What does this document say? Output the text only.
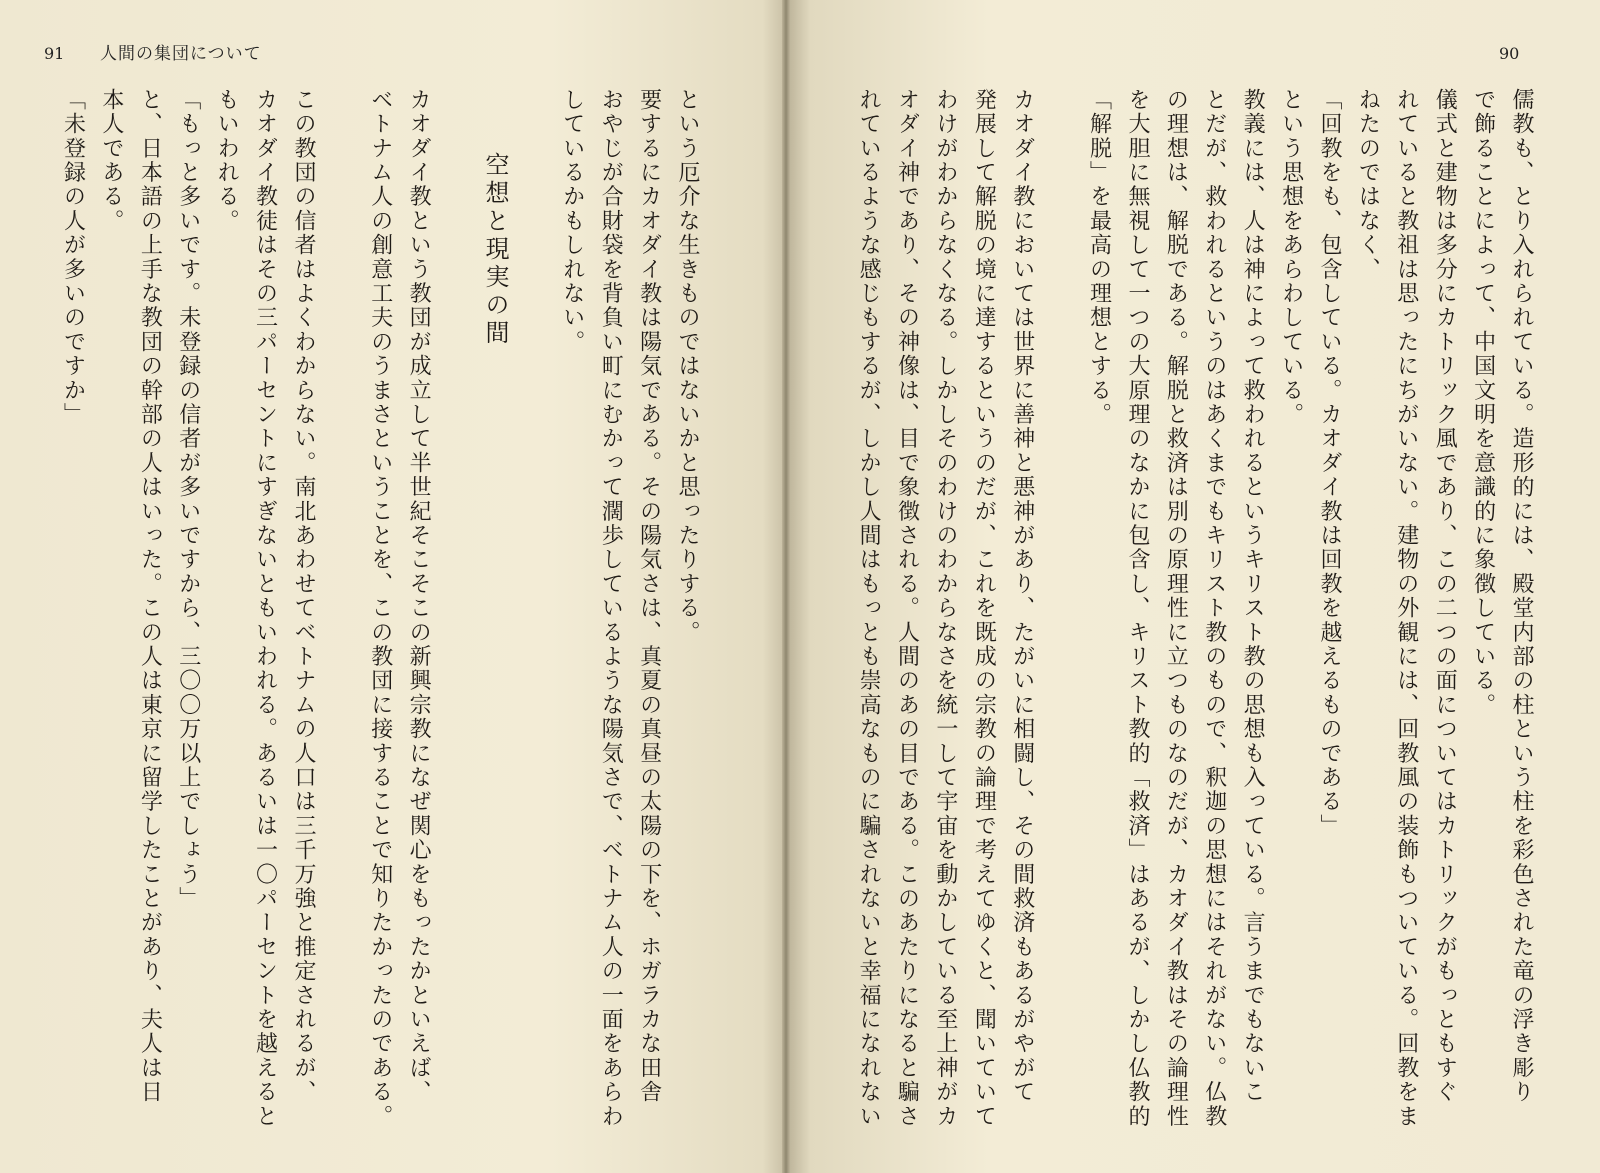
91 人間の集団について	90
儒教も、とり入れられている。造形的には、殿堂内部の柱という柱を彩色された竜の浮き彫り
で飾ることによって、中国文明を意識的に象徴している。
儀式と建物は多分にカトリック風であり、この二つの面についてはカトリックがもっともすぐ
れていると教祖は思ったにちがいない。建物の外観には、回教風の装飾もついている。回教をま
ねたのではなく、
「回教をも、包含している。カオダイ教は回教を越えるものである」
という思想をあらわしている。
教義には、人は神によって救われるというキリスト教の思想も入っている。言うまでもないこ
とだが、救われるというのはあくまでもキリスト教のもので、釈迦の思想にはそれがない。仏教
の理想は、解脱である。解脱と救済は別の原理性に立つものなのだが、カオダイ教はその論理性
を大胆に無視して一つの大原理のなかに包含し、キリスト教的「救済」はあるが、しかし仏教的
「解脱」を最高の理想とする。
カオダイ教においては世界に善神と悪神があり、たがいに相闘し、その間救済もあるがやがて
発展して解脱の境に達するというのだが、これを既成の宗教の論理で考えてゆくと、聞いていて
わけがわからなくなる。しかしそのわけのわからなさを統一して宇宙を動かしている至上神がカ
オダイ神であり、その神像は、目で象徴される。人間のあの目である。このあたりになると騙さ
れているような感じもするが、しかし人間はもっとも崇高なものに騙されないと幸福になれない
という厄介な生きものではないかと思ったりする。
要するにカオダイ教は陽気である。その陽気さは、真夏の真昼の太陽の下を、ホガラカな田舎
おやじが合財袋を背負い町にむかって濶歩しているような陽気さで、ベトナム人の一面をあらわ
しているかもしれない。
空想と現実の間
カオダイ教という教団が成立して半世紀そこそこの新興宗教になぜ関心をもったかといえば、
ベトナム人の創意工夫のうまさということを、この教団に接することで知りたかったのである。
この教団の信者はよくわからない。南北あわせてベトナムの人口は三千万強と推定されるが、
カオダイ教徒はその三パーセントにすぎないともいわれる。あるいは一〇パーセントを越えると
もいわれる。
「もっと多いです。未登録の信者が多いですから、三〇〇万以上でしょう」
と、日本語の上手な教団の幹部の人はいった。この人は東京に留学したことがあり、夫人は日
本人である。
「未登録の人が多いのですか」
